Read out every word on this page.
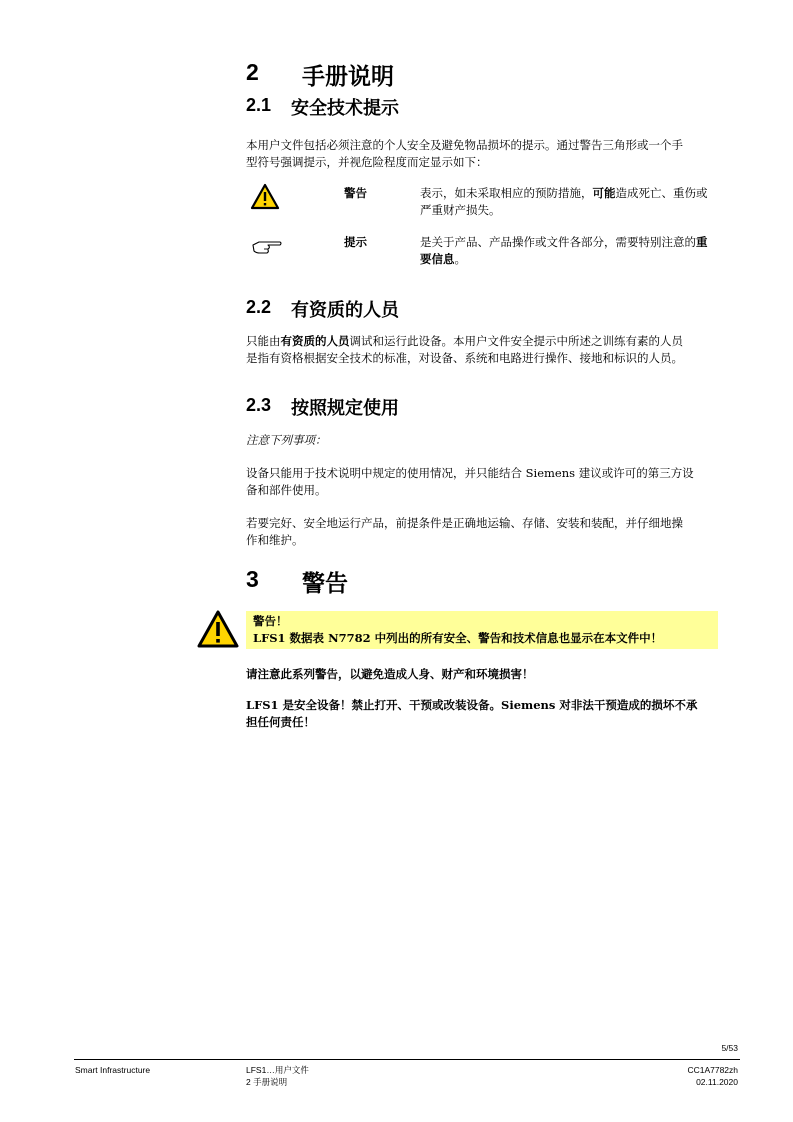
2 手册说明
2.1 安全技术提示
本用户文件包括必须注意的个人安全及避免物品损坏的提示。通过警告三角形或一个手
型符号强调提示，并视危险程度而定显示如下：
警告	表示，如未采取相应的预防措施，可能造成死亡、重伤或
严重财产损失。
提示	是关于产品、产品操作或文件各部分，需要特别注意的重
要信息。
2.2 有资质的人员
只能由有资质的人员调试和运行此设备。本用户文件安全提示中所述之训练有素的人员
是指有资格根据安全技术的标准，对设备、系统和电路进行操作、接地和标识的人员。
2.3 按照规定使用
注意下列事项：
设备只能用于技术说明中规定的使用情况，并只能结合 Siemens 建议或许可的第三方设
备和部件使用。
若要完好、安全地运行产品，前提条件是正确地运输、存储、安装和装配，并仔细地操
作和维护。
3 警告
警告！
LFS1 数据表 N7782 中列出的所有安全、警告和技术信息也显示在本文件中！
请注意此系列警告，以避免造成人身、财产和环境损害！
LFS1 是安全设备！禁止打开、干预或改装设备。Siemens 对非法干预造成的损坏不承
担任何责任！
5/53
Smart Infrastructure	LFS1…用户文件
2 手册说明
CC1A7782zh
02.11.2020
